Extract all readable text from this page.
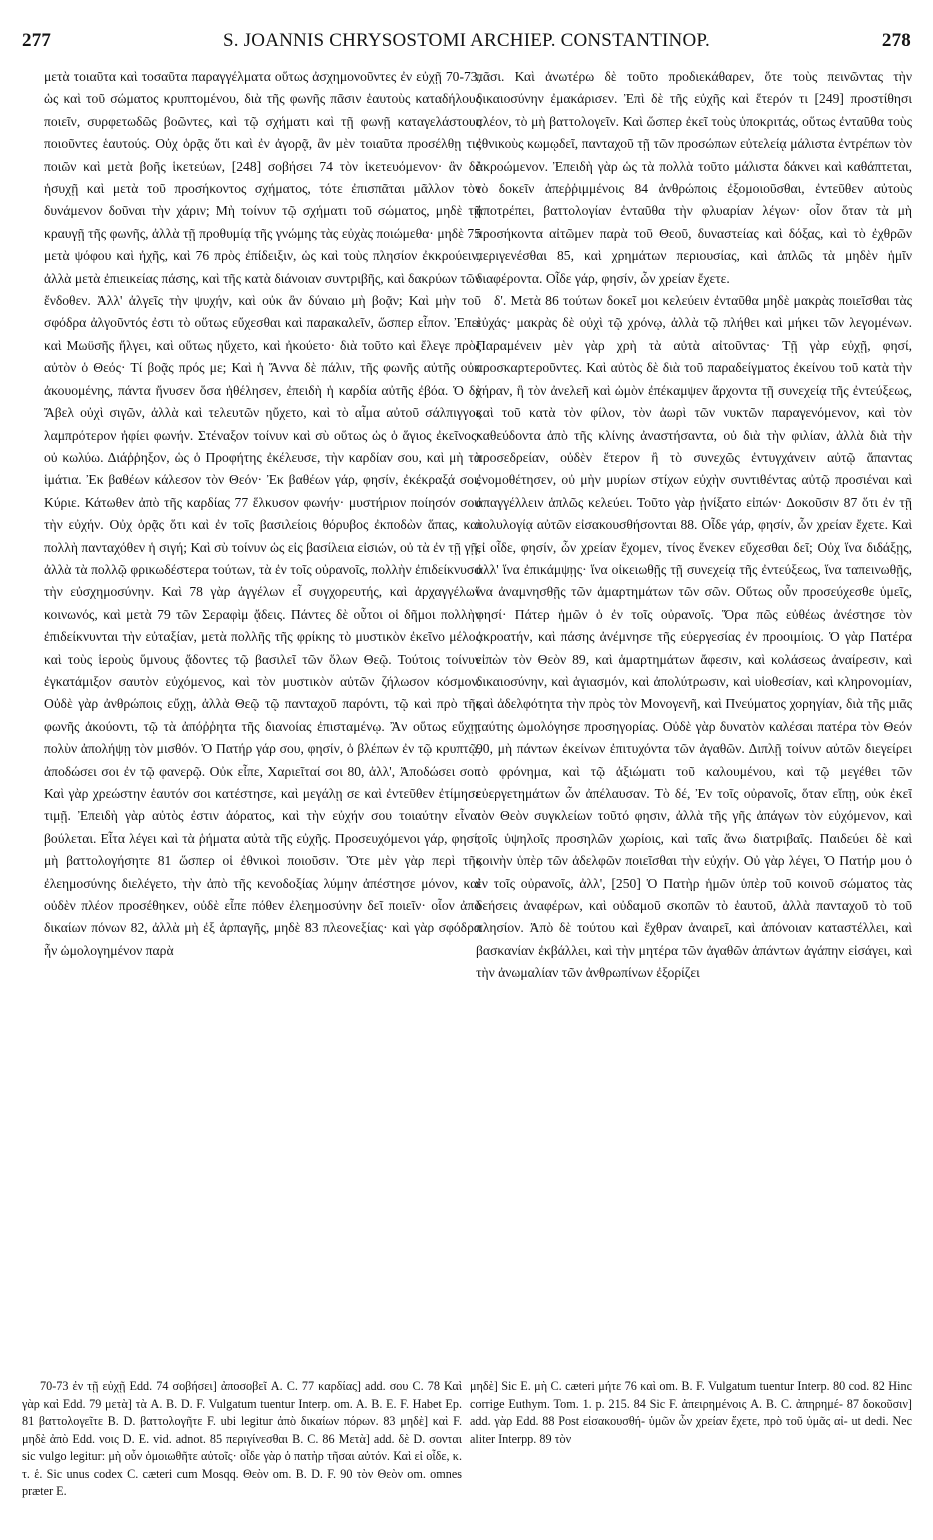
277	S. JOANNIS CHRYSOSTOMI ARCHIEP. CONSTANTINOP.	278

μετὰ τοιαῦτα καὶ τοσαῦτα παραγγέλματα οὕτως ἀσχημονοῦντες ἐν εὐχῇ 70-73, ὡς καὶ τοῦ σώματος κρυπτομένου, διὰ τῆς φωνῆς πᾶσιν ἑαυτοὺς καταδήλους ποιεῖν, συρφετωδῶς βοῶντες, καὶ τῷ σχήματι καὶ τῇ φωνῇ καταγελάστους ποιοῦντες ἑαυτούς. Οὐχ ὁρᾷς ὅτι καὶ ἐν ἀγορᾷ, ἂν μὲν τοιαῦτα προσέλθῃ τις ποιῶν καὶ μετὰ βοῆς ἱκετεύων, [248] σοβήσει 74 τὸν ἱκετευόμενον· ἂν δὲ ἡσυχῇ καὶ μετὰ τοῦ προσήκοντος σχήματος, τότε ἐπισπᾶται μᾶλλον τὸν δυνάμενον δοῦναι τὴν χάριν; Μὴ τοίνυν τῷ σχήματι τοῦ σώματος, μηδὲ τῇ κραυγῇ τῆς φωνῆς, ἀλλὰ τῇ προθυμίᾳ τῆς γνώμης τὰς εὐχὰς ποιώμεθα· μηδὲ 75 μετὰ ψόφου καὶ ἠχῆς, καὶ 76 πρὸς ἐπίδειξιν, ὡς καὶ τοὺς πλησίον ἐκκρούειν, ἀλλὰ μετὰ ἐπιεικείας πάσης, καὶ τῆς κατὰ διάνοιαν συντριβῆς, καὶ δακρύων τῶν ἔνδοθεν. Ἀλλ' ἀλγεῖς τὴν ψυχήν, καὶ οὐκ ἂν δύναιο μὴ βοᾷν; Καὶ μὴν τοῦ σφόδρα ἀλγοῦντός ἐστι τὸ οὕτως εὔχεσθαι καὶ παρακαλεῖν, ὥσπερ εἶπον. Ἐπεὶ καὶ Μωϋσῆς ἤλγει, καὶ οὕτως ηὔχετο, καὶ ἠκούετο· διὰ τοῦτο καὶ ἔλεγε πρὸς αὐτὸν ὁ Θεός· Τί βοᾷς πρός με; Καὶ ἡ Ἄννα δὲ πάλιν, τῆς φωνῆς αὐτῆς οὐκ ἀκουομένης, πάντα ἤνυσεν ὅσα ἠθέλησεν, ἐπειδὴ ἡ καρδία αὐτῆς ἐβόα. Ὁ δὲ Ἄβελ οὐχὶ σιγῶν, ἀλλὰ καὶ τελευτῶν ηὔχετο, καὶ τὸ αἷμα αὐτοῦ σάλπιγγος λαμπρότερον ἠφίει φωνήν. Στέναξον τοίνυν καὶ σὺ οὕτως ὡς ὁ ἅγιος ἐκεῖνος· οὐ κωλύω. Διάῤῥηξον, ὡς ὁ Προφήτης ἐκέλευσε, τὴν καρδίαν σου, καὶ μὴ τὰ ἱμάτια. Ἐκ βαθέων κάλεσον τὸν Θεόν· Ἐκ βαθέων γάρ, φησίν, ἐκέκραξά σοι, Κύριε. Κάτωθεν ἀπὸ τῆς καρδίας 77 ἕλκυσον φωνήν· μυστήριον ποίησόν σου τὴν εὐχήν. Οὐχ ὁρᾷς ὅτι καὶ ἐν τοῖς βασιλείοις θόρυβος ἐκποδὼν ἅπας, καὶ πολλὴ πανταχόθεν ἡ σιγή; Καὶ σὺ τοίνυν ὡς εἰς βασίλεια εἰσιών, οὐ τὰ ἐν τῇ γῇ, ἀλλὰ τὰ πολλῷ φρικωδέστερα τούτων, τὰ ἐν τοῖς οὐρανοῖς, πολλὴν ἐπιδείκνυσο τὴν εὐσχημοσύνην. Καὶ 78 γὰρ ἀγγέλων εἶ συγχορευτής, καὶ ἀρχαγγέλων κοινωνός, καὶ μετὰ 79 τῶν Σεραφὶμ ᾄδεις. Πάντες δὲ οὗτοι οἱ δῆμοι πολλὴν ἐπιδείκνυνται τὴν εὐταξίαν, μετὰ πολλῆς τῆς φρίκης τὸ μυστικὸν ἐκεῖνο μέλος καὶ τοὺς ἱεροὺς ὕμνους ᾄδοντες τῷ βασιλεῖ τῶν ὅλων Θεῷ. Τούτοις τοίνυν ἐγκατάμιξον σαυτὸν εὐχόμενος, καὶ τὸν μυστικὸν αὐτῶν ζήλωσον κόσμον. Οὐδὲ γὰρ ἀνθρώποις εὔχῃ, ἀλλὰ Θεῷ τῷ πανταχοῦ παρόντι, τῷ καὶ πρὸ τῆς φωνῆς ἀκούοντι, τῷ τὰ ἀπόῤῥητα τῆς διανοίας ἐπισταμένῳ. Ἂν οὕτως εὔχῃ, πολὺν ἀπολήψῃ τὸν μισθόν. Ὁ Πατήρ γάρ σου, φησίν, ὁ βλέπων ἐν τῷ κρυπτῷ, ἀποδώσει σοι ἐν τῷ φανερῷ. Οὐκ εἶπε, Χαριεῖταί σοι 80, ἀλλ', Ἀποδώσει σοι. Καὶ γὰρ χρεώστην ἑαυτόν σοι κατέστησε, καὶ μεγάλῃ σε καὶ ἐντεῦθεν ἐτίμησε τιμῇ. Ἐπειδὴ γὰρ αὐτὸς ἐστιν ἀόρατος, καὶ τὴν εὐχήν σου τοιαύτην εἶναι βούλεται. Εἶτα λέγει καὶ τὰ ῥήματα αὐτὰ τῆς εὐχῆς. Προσευχόμενοι γάρ, φησί, μὴ βαττολογήσητε 81 ὥσπερ οἱ ἐθνικοὶ ποιοῦσιν. Ὅτε μὲν γὰρ περὶ τῆς ἐλεημοσύνης διελέγετο, τὴν ἀπὸ τῆς κενοδοξίας λύμην ἀπέστησε μόνον, καὶ οὐδὲν πλέον προσέθηκεν, οὐδὲ εἶπε πόθεν ἐλεημοσύνην δεῖ ποιεῖν· οἷον ἀπὸ δικαίων πόνων 82, ἀλλὰ μὴ ἐξ ἁρπαγῆς, μηδὲ 83 πλεονεξίας· καὶ γὰρ σφόδρα ἦν ὡμολογημένον παρὰ

πᾶσι. Καὶ ἀνωτέρω δὲ τοῦτο προδιεκάθαρεν, ὅτε τοὺς πεινῶντας τὴν δικαιοσύνην ἐμακάρισεν. Ἐπὶ δὲ τῆς εὐχῆς καὶ ἕτερόν τι [249] προστίθησι πλέον, τὸ μὴ βαττολογεῖν. Καὶ ὥσπερ ἐκεῖ τοὺς ὑποκριτάς, οὕτως ἐνταῦθα τοὺς ἐθνικοὺς κωμῳδεῖ, πανταχοῦ τῇ τῶν προσώπων εὐτελείᾳ μάλιστα ἐντρέπων τὸν ἀκροώμενον. Ἐπειδὴ γὰρ ὡς τὰ πολλὰ τοῦτο μάλιστα δάκνει καὶ καθάπτεται, τὸ δοκεῖν ἀπεῤῥιμμένοις 84 ἀνθρώποις ἐξομοιοῦσθαι, ἐντεῦθεν αὐτοὺς ἀποτρέπει, βαττολογίαν ἐνταῦθα τὴν φλυαρίαν λέγων· οἷον ὅταν τὰ μὴ προσήκοντα αἰτῶμεν παρὰ τοῦ Θεοῦ, δυναστείας καὶ δόξας, καὶ τὸ ἐχθρῶν περιγενέσθαι 85, καὶ χρημάτων περιουσίας, καὶ ἁπλῶς τὰ μηδὲν ἡμῖν διαφέροντα. Οἶδε γάρ, φησίν, ὧν χρείαν ἔχετε.

δ'. Μετὰ 86 τούτων δοκεῖ μοι κελεύειν ἐνταῦθα μηδὲ μακρὰς ποιεῖσθαι τὰς εὐχάς· μακρὰς δὲ οὐχὶ τῷ χρόνῳ, ἀλλὰ τῷ πλήθει καὶ μήκει τῶν λεγομένων. Παραμένειν μὲν γὰρ χρὴ τὰ αὐτὰ αἰτοῦντας· Τῇ γὰρ εὐχῇ, φησί, προσκαρτεροῦντες. Καὶ αὐτὸς δὲ διὰ τοῦ παραδείγματος ἐκείνου τοῦ κατὰ τὴν χήραν, ἣ τὸν ἀνελεῆ καὶ ὠμὸν ἐπέκαμψεν ἄρχοντα τῇ συνεχείᾳ τῆς ἐντεύξεως, καὶ τοῦ κατὰ τὸν φίλον, τὸν ἀωρὶ τῶν νυκτῶν παραγενόμενον, καὶ τὸν καθεύδοντα ἀπὸ τῆς κλίνης ἀναστήσαντα, οὐ διὰ τὴν φιλίαν, ἀλλὰ διὰ τὴν προσεδρείαν, οὐδὲν ἕτερον ἢ τὸ συνεχῶς ἐντυγχάνειν αὐτῷ ἅπαντας ἐνομοθέτησεν, οὐ μὴν μυρίων στίχων εὐχὴν συντιθέντας αὐτῷ προσιέναι καὶ ἀπαγγέλλειν ἁπλῶς κελεύει. Τοῦτο γὰρ ᾐνίξατο εἰπών· Δοκοῦσιν 87 ὅτι ἐν τῇ πολυλογίᾳ αὐτῶν εἰσακουσθήσονται 88. Οἶδε γάρ, φησίν, ὧν χρείαν ἔχετε. Καὶ εἰ οἶδε, φησίν, ὧν χρείαν ἔχομεν, τίνος ἕνεκεν εὔχεσθαι δεῖ; Οὐχ ἵνα διδάξῃς, ἀλλ' ἵνα ἐπικάμψῃς· ἵνα οἰκειωθῇς τῇ συνεχείᾳ τῆς ἐντεύξεως, ἵνα ταπεινωθῇς, ἵνα ἀναμνησθῇς τῶν ἁμαρτημάτων τῶν σῶν. Οὕτως οὖν προσεύχεσθε ὑμεῖς, φησί· Πάτερ ἡμῶν ὁ ἐν τοῖς οὐρανοῖς. Ὅρα πῶς εὐθέως ἀνέστησε τὸν ἀκροατήν, καὶ πάσης ἀνέμνησε τῆς εὐεργεσίας ἐν προοιμίοις. Ὁ γὰρ Πατέρα εἰπὼν τὸν Θεὸν 89, καὶ ἁμαρτημάτων ἄφεσιν, καὶ κολάσεως ἀναίρεσιν, καὶ δικαιοσύνην, καὶ ἁγιασμόν, καὶ ἀπολύτρωσιν, καὶ υἱοθεσίαν, καὶ κληρονομίαν, καὶ ἀδελφότητα τὴν πρὸς τὸν Μονογενῆ, καὶ Πνεύματος χορηγίαν, διὰ τῆς μιᾶς ταύτης ὡμολόγησε προσηγορίας. Οὐδὲ γὰρ δυνατὸν καλέσαι πατέρα τὸν Θεόν 90, μὴ πάντων ἐκείνων ἐπιτυχόντα τῶν ἀγαθῶν. Διπλῇ τοίνυν αὐτῶν διεγείρει τὸ φρόνημα, καὶ τῷ ἀξιώματι τοῦ καλουμένου, καὶ τῷ μεγέθει τῶν εὐεργετημάτων ὧν ἀπέλαυσαν. Τὸ δέ, Ἐν τοῖς οὐρανοῖς, ὅταν εἴπῃ, οὐκ ἐκεῖ τὸν Θεὸν συγκλείων τοῦτό φησιν, ἀλλὰ τῆς γῆς ἀπάγων τὸν εὐχόμενον, καὶ τοῖς ὑψηλοῖς προσηλῶν χωρίοις, καὶ ταῖς ἄνω διατριβαῖς. Παιδεύει δὲ καὶ κοινὴν ὑπὲρ τῶν ἀδελφῶν ποιεῖσθαι τὴν εὐχήν. Οὐ γὰρ λέγει, Ὁ Πατήρ μου ὁ ἐν τοῖς οὐρανοῖς, ἀλλ', [250] Ὁ Πατὴρ ἡμῶν ὑπὲρ τοῦ κοινοῦ σώματος τὰς δεήσεις ἀναφέρων, καὶ οὐδαμοῦ σκοπῶν τὸ ἑαυτοῦ, ἀλλὰ πανταχοῦ τὸ τοῦ πλησίον. Ἀπὸ δὲ τούτου καὶ ἔχθραν ἀναιρεῖ, καὶ ἀπόνοιαν καταστέλλει, καὶ βασκανίαν ἐκβάλλει, καὶ τὴν μητέρα τῶν ἀγαθῶν ἁπάντων ἀγάπην εἰσάγει, καὶ τὴν ἀνωμαλίαν τῶν ἀνθρωπίνων ἐξορίζει

70-73 ἐν τῇ εὐχῇ Edd. 74 σοβήσει] ἀποσοβεῖ A. C. 77 καρδίας] add. σου C. 78 Καὶ γὰρ καὶ Edd. 79 μετὰ] τὰ A. B. D. F. Vulgatum tuentur Interp. om. A. B. E. F. Habet Ep. 81 βαττολογεῖτε B. D. βαττολογῆτε F. ubi legitur ἀπὸ δικαίων πόρων. 83 μηδὲ] καὶ F. μηδὲ ἀπὸ Edd. νοις D. E. vid. adnot. 85 περιγίνεσθαι B. C. 86 Μετὰ] add. δὲ D. σονται sic vulgo legitur: μὴ οὖν ὁμοιωθῆτε αὐτοῖς· οἶδε γὰρ ὁ πατὴρ τῆσαι αὐτόν. Καὶ εἰ οἶδε, κ. τ. ἑ. Sic unus codex C. cæteri cum Mosqq. Θεὸν om. B. D. F. 90 τὸν Θεὸν om. omnes præter E.

μηδὲ] Sic E. μὴ C. cæteri μήτε 76 καὶ om. B. F. Vulgatum tuentur Interp. 80 cod. 82 Hinc corrige Euthym. Tom. 1. p. 215. 84 Sic F. ἀπειρημένοις A. B. C. ἀπηρημέ- 87 δοκοῦσιν] add. γὰρ Edd. 88 Post εἰσακουσθή- ὑμῶν ὧν χρείαν ἔχετε, πρὸ τοῦ ὑμᾶς αἰ- ut dedi. Nec aliter Interpp. 89 τὸν
